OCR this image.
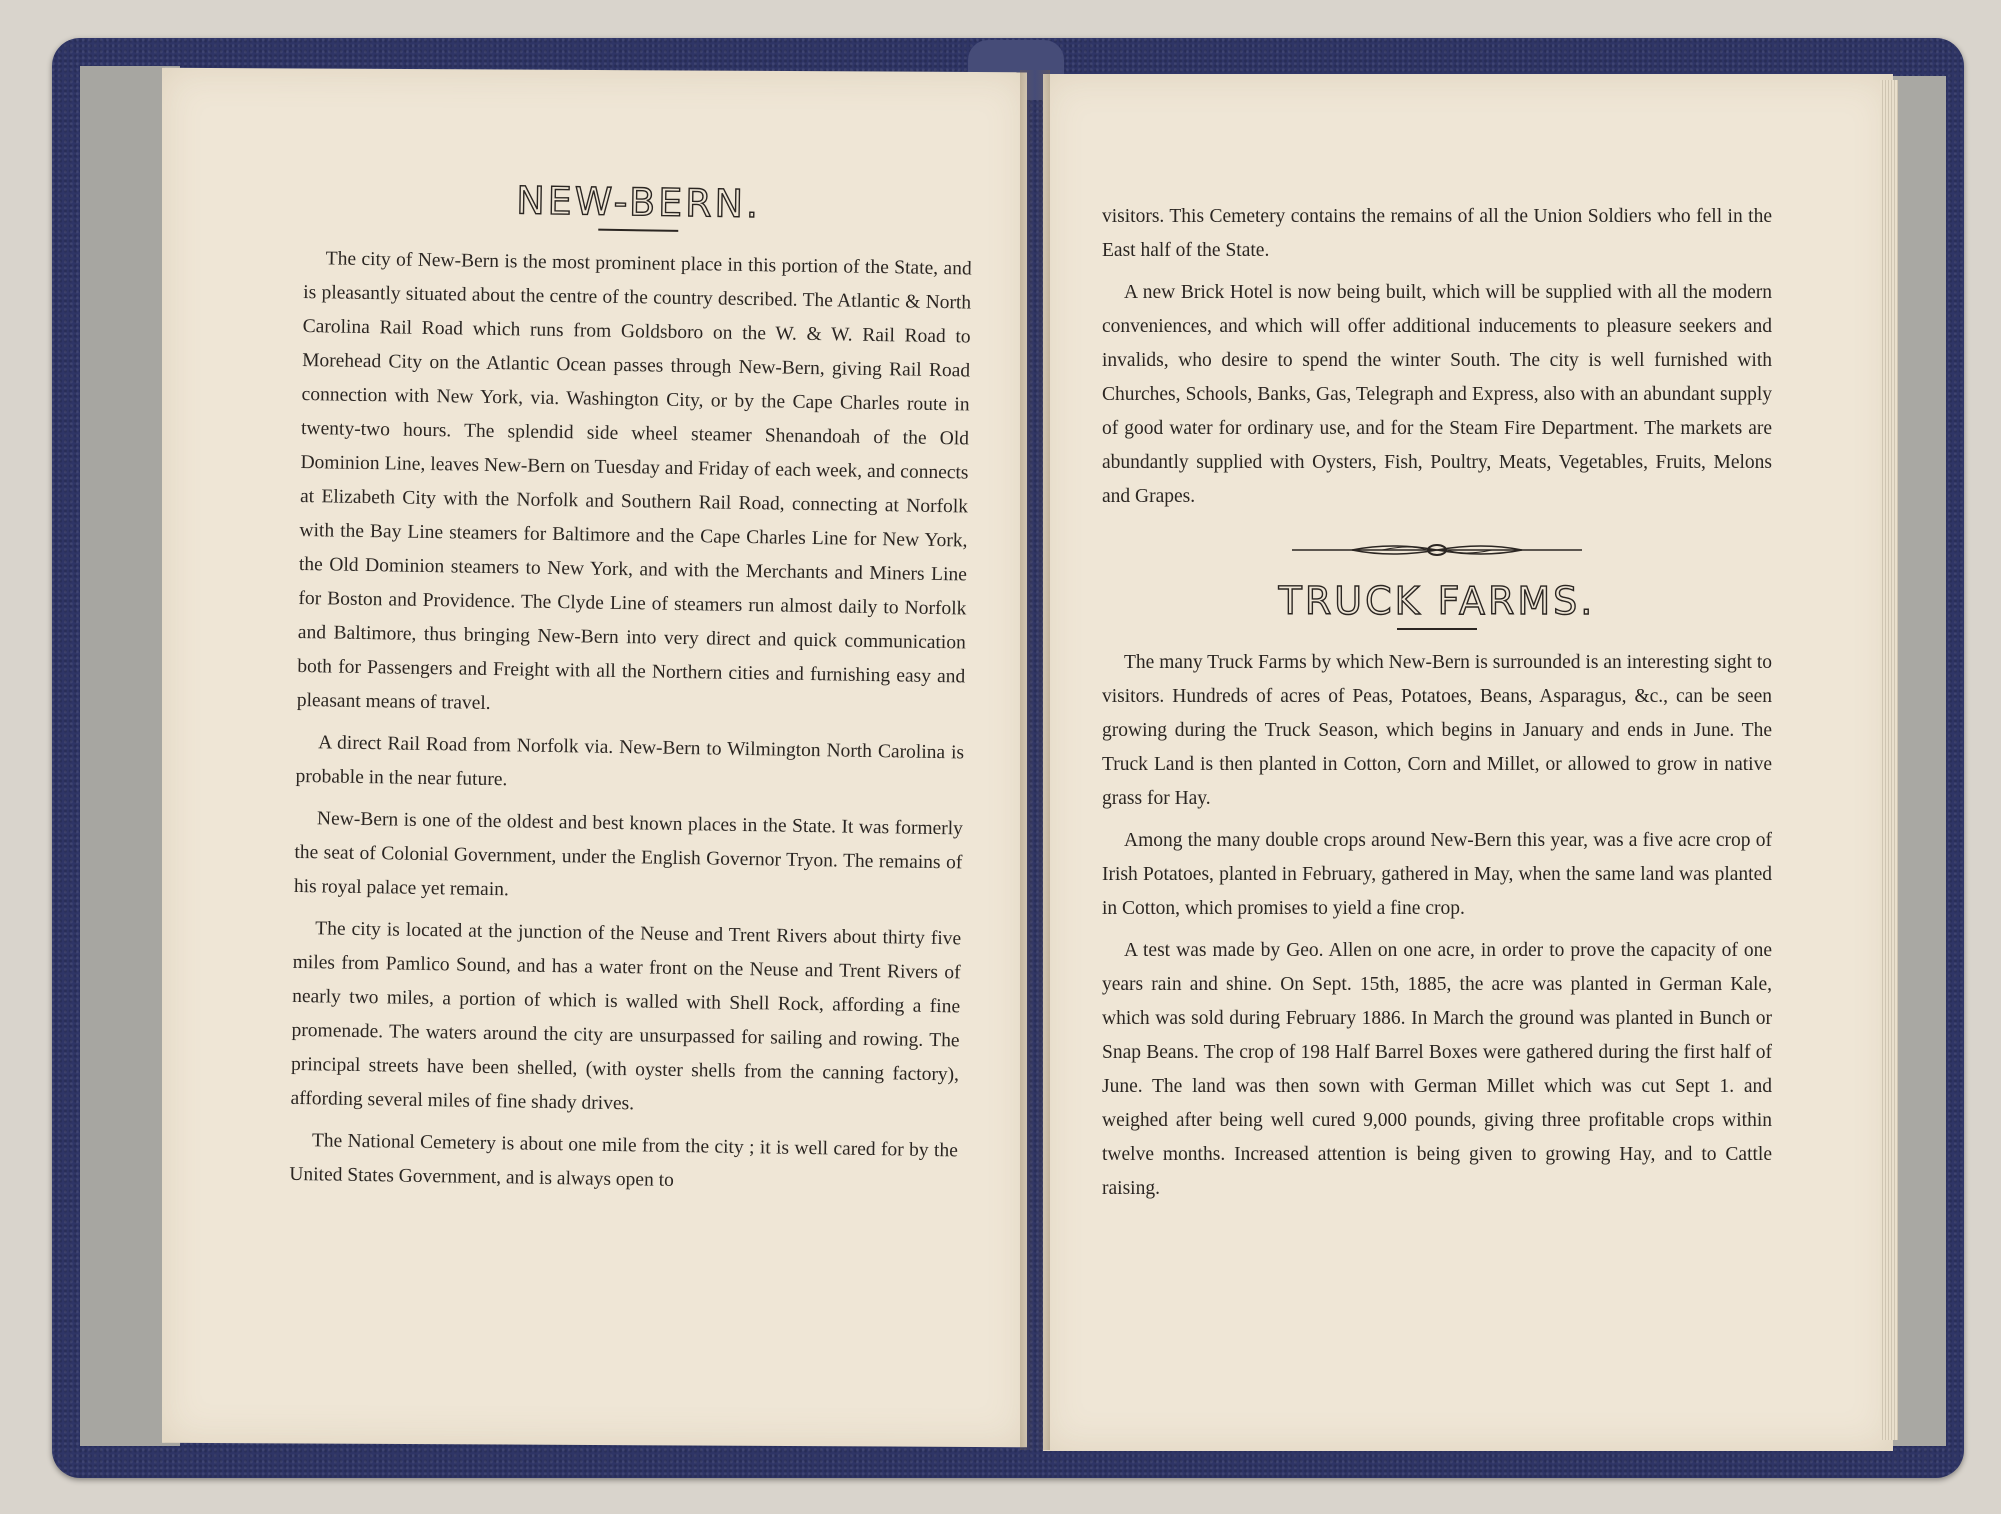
NEW-BERN.

The city of New-Bern is the most prominent place in this portion of the State, and is pleasantly situated about the centre of the country described. The Atlantic & North Carolina Rail Road which runs from Goldsboro on the W. & W. Rail Road to Morehead City on the Atlantic Ocean passes through New-Bern, giving Rail Road connection with New York, via. Washington City, or by the Cape Charles route in twenty-two hours. The splendid side wheel steamer Shenandoah of the Old Dominion Line, leaves New-Bern on Tuesday and Friday of each week, and connects at Elizabeth City with the Norfolk and Southern Rail Road, connecting at Norfolk with the Bay Line steamers for Baltimore and the Cape Charles Line for New York, the Old Dominion steamers to New York, and with the Merchants and Miners Line for Boston and Providence. The Clyde Line of steamers run almost daily to Norfolk and Baltimore, thus bringing New-Bern into very direct and quick communication both for Passengers and Freight with all the Northern cities and furnishing easy and pleasant means of travel.

A direct Rail Road from Norfolk via. New-Bern to Wilmington North Carolina is probable in the near future.

New-Bern is one of the oldest and best known places in the State. It was formerly the seat of Colonial Government, under the English Governor Tryon. The remains of his royal palace yet remain.

The city is located at the junction of the Neuse and Trent Rivers about thirty five miles from Pamlico Sound, and has a water front on the Neuse and Trent Rivers of nearly two miles, a portion of which is walled with Shell Rock, affording a fine promenade. The waters around the city are unsurpassed for sailing and rowing. The principal streets have been shelled, (with oyster shells from the canning factory), affording several miles of fine shady drives.

The National Cemetery is about one mile from the city ; it is well cared for by the United States Government, and is always open to

visitors. This Cemetery contains the remains of all the Union Soldiers who fell in the East half of the State.

A new Brick Hotel is now being built, which will be supplied with all the modern conveniences, and which will offer additional inducements to pleasure seekers and invalids, who desire to spend the winter South. The city is well furnished with Churches, Schools, Banks, Gas, Telegraph and Express, also with an abundant supply of good water for ordinary use, and for the Steam Fire Department. The markets are abundantly supplied with Oysters, Fish, Poultry, Meats, Vegetables, Fruits, Melons and Grapes.

TRUCK FARMS.

The many Truck Farms by which New-Bern is surrounded is an interesting sight to visitors. Hundreds of acres of Peas, Potatoes, Beans, Asparagus, &c., can be seen growing during the Truck Season, which begins in January and ends in June. The Truck Land is then planted in Cotton, Corn and Millet, or allowed to grow in native grass for Hay.

Among the many double crops around New-Bern this year, was a five acre crop of Irish Potatoes, planted in February, gathered in May, when the same land was planted in Cotton, which promises to yield a fine crop.

A test was made by Geo. Allen on one acre, in order to prove the capacity of one years rain and shine. On Sept. 15th, 1885, the acre was planted in German Kale, which was sold during February 1886. In March the ground was planted in Bunch or Snap Beans. The crop of 198 Half Barrel Boxes were gathered during the first half of June. The land was then sown with German Millet which was cut Sept 1. and weighed after being well cured 9,000 pounds, giving three profitable crops within twelve months. Increased attention is being given to growing Hay, and to Cattle raising.
